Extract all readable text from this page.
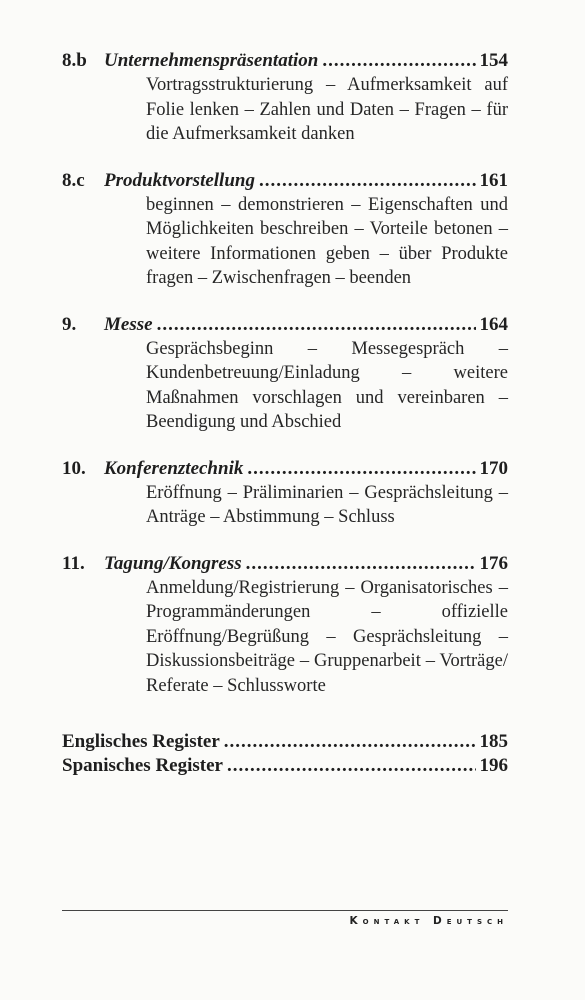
8.b Unternehmenspräsentation .....	154
Vortragsstrukturierung – Aufmerksamkeit auf Folie lenken – Zahlen und Daten – Fragen – für die Aufmerksamkeit danken
8.c	Produktvorstellung .....	161
beginnen – demonstrieren – Eigenschaften und Möglichkeiten beschreiben – Vorteile betonen – weitere Informationen geben – über Produkte fragen – Zwischenfragen – beenden
9.	Messe .....	164
Gesprächsbeginn – Messegespräch – Kundenbetreuung/Einladung – weitere Maßnahmen vorschlagen und vereinbaren – Beendigung und Abschied
10. Konferenztechnik .....	170
Eröffnung – Präliminarien – Gesprächsleitung – Anträge – Abstimmung – Schluss
11.	Tagung/Kongress .....	176
Anmeldung/Registrierung – Organisatorisches – Programmänderungen – offizielle Eröffnung/Begrüßung – Gesprächsleitung – Diskussionsbeiträge – Gruppenarbeit – Vorträge/ Referate – Schlussworte
Englisches Register .....	185
Spanisches Register .....	196
Kontakt Deutsch
